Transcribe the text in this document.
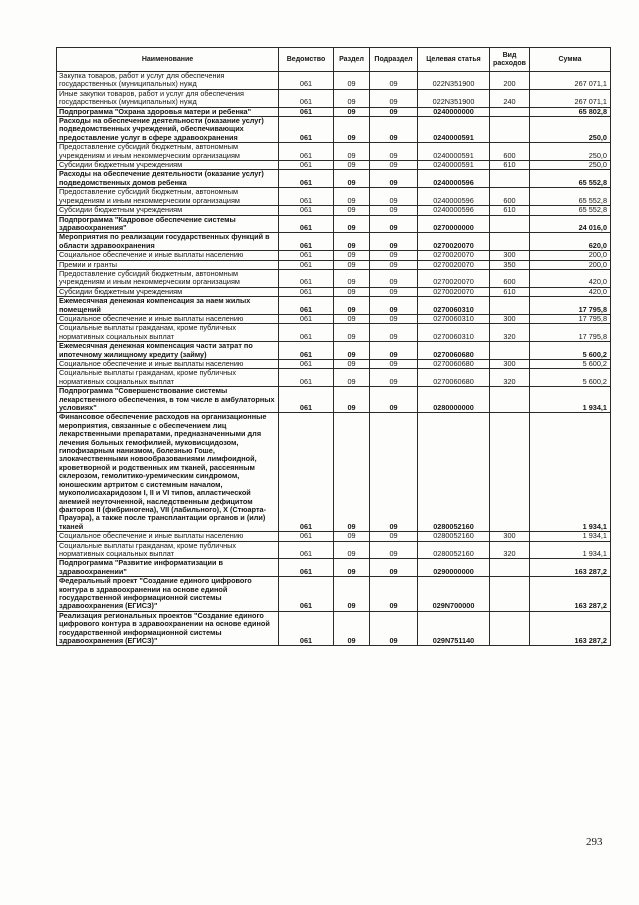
Наименование	Ведомство	Раздел	Подраздел	Целевая статья	Вид расходов	Сумма
Закупка товаров, работ и услуг для обеспечения государственных (муниципальных) нужд	061	09	09	022N351900	200	267 071,1
Иные закупки товаров, работ и услуг для обеспечения государственных (муниципальных) нужд	061	09	09	022N351900	240	267 071,1
Подпрограмма "Охрана здоровья матери и ребенка"	061	09	09	0240000000		65 802,8
Расходы на обеспечение деятельности (оказание услуг) подведомственных учреждений, обеспечивающих предоставление услуг в сфере здравоохранения	061	09	09	0240000591		250,0
Предоставление субсидий бюджетным, автономным учреждениям и иным некоммерческим организациям	061	09	09	0240000591	600	250,0
Субсидии бюджетным учреждениям	061	09	09	0240000591	610	250,0
Расходы на обеспечение деятельности (оказание услуг) подведомственных домов ребенка	061	09	09	0240000596		65 552,8
Предоставление субсидий бюджетным, автономным учреждениям и иным некоммерческим организациям	061	09	09	0240000596	600	65 552,8
Субсидии бюджетным учреждениям	061	09	09	0240000596	610	65 552,8
Подпрограмма "Кадровое обеспечение системы здравоохранения"	061	09	09	0270000000		24 016,0
Мероприятия по реализации государственных функций в области здравоохранения	061	09	09	0270020070		620,0
Социальное обеспечение и иные выплаты населению	061	09	09	0270020070	300	200,0
Премии и гранты	061	09	09	0270020070	350	200,0
Предоставление субсидий бюджетным, автономным учреждениям и иным некоммерческим организациям	061	09	09	0270020070	600	420,0
Субсидии бюджетным учреждениям	061	09	09	0270020070	610	420,0
Ежемесячная денежная компенсация за наем жилых помещений	061	09	09	0270060310		17 795,8
Социальное обеспечение и иные выплаты населению	061	09	09	0270060310	300	17 795,8
Социальные выплаты гражданам, кроме публичных нормативных социальных выплат	061	09	09	0270060310	320	17 795,8
Ежемесячная денежная компенсация части затрат по ипотечному жилищному кредиту (займу)	061	09	09	0270060680		5 600,2
Социальное обеспечение и иные выплаты населению	061	09	09	0270060680	300	5 600,2
Социальные выплаты гражданам, кроме публичных нормативных социальных выплат	061	09	09	0270060680	320	5 600,2
Подпрограмма "Совершенствование системы лекарственного обеспечения, в том числе в амбулаторных условиях"	061	09	09	0280000000		1 934,1
Финансовое обеспечение расходов на организационные мероприятия, связанные с обеспечением лиц лекарственными препаратами, предназначенными для лечения больных гемофилией, муковисцидозом, гипофизарным нанизмом, болезнью Гоше, злокачественными новообразованиями лимфоидной, кроветворной и родственных им тканей, рассеянным склерозом, гемолитико-уремическим синдромом, юношеским артритом с системным началом, мукополисахаридозом I, II и VI типов, апластической анемией неуточненной, наследственным дефицитом факторов II (фибриногена), VII (лабильного), X (Стюарта-Прауэра), а также после трансплантации органов и (или) тканей	061	09	09	0280052160		1 934,1
Социальное обеспечение и иные выплаты населению	061	09	09	0280052160	300	1 934,1
Социальные выплаты гражданам, кроме публичных нормативных социальных выплат	061	09	09	0280052160	320	1 934,1
Подпрограмма "Развитие информатизации в здравоохранении"	061	09	09	0290000000		163 287,2
Федеральный проект "Создание единого цифрового контура в здравоохранении на основе единой государственной информационной системы здравоохранения (ЕГИСЗ)"	061	09	09	029N700000		163 287,2
Реализация региональных проектов "Создание единого цифрового контура в здравоохранении на основе единой государственной информационной системы здравоохранения (ЕГИСЗ)"	061	09	09	029N751140		163 287,2
293
